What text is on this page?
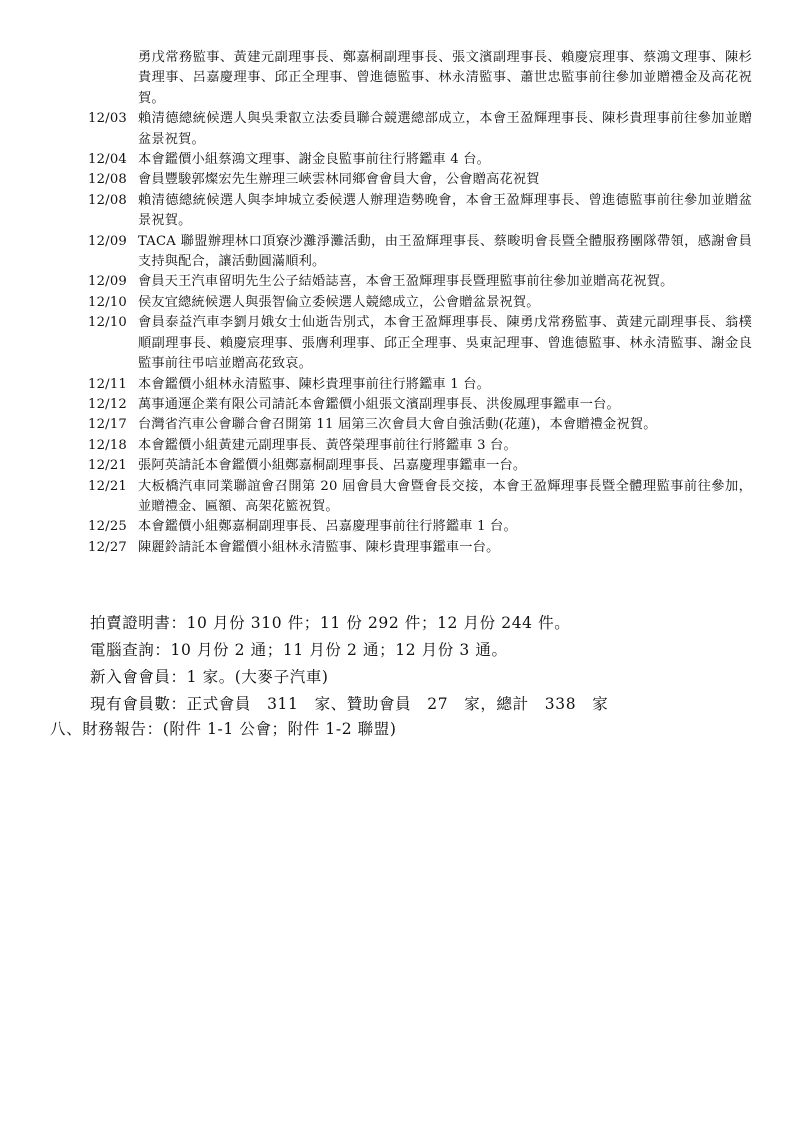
勇戊常務監事、黃建元副理事長、鄭嘉桐副理事長、張文濱副理事長、賴慶宸理事、蔡鴻文理事、陳杉貴理事、呂嘉慶理事、邱正全理事、曾進德監事、林永清監事、蕭世忠監事前往參加並贈禮金及高花祝賀。
12/03 賴清德總統候選人與吳秉叡立法委員聯合競選總部成立，本會王盈輝理事長、陳杉貴理事前往參加並贈盆景祝賀。
12/04 本會鑑價小組蔡鴻文理事、謝金良監事前往行將鑑車 4 台。
12/08 會員豐駿郭燦宏先生辦理三峽雲林同鄉會會員大會，公會贈高花祝賀
12/08 賴清德總統候選人與李坤城立委候選人辦理造勢晚會，本會王盈輝理事長、曾進德監事前往參加並贈盆景祝賀。
12/09 TACA 聯盟辦理林口頂寮沙灘淨灘活動，由王盈輝理事長、蔡畯明會長暨全體服務團隊帶領，感謝會員支持與配合，讓活動圓滿順利。
12/09 會員天王汽車留明先生公子結婚誌喜，本會王盈輝理事長暨理監事前往參加並贈高花祝賀。
12/10 侯友宜總統候選人與張智倫立委候選人競總成立，公會贈盆景祝賀。
12/10 會員泰益汽車李劉月娥女士仙逝告別式，本會王盈輝理事長、陳勇戊常務監事、黃建元副理事長、翁樸順副理事長、賴慶宸理事、張膺利理事、邱正全理事、吳東記理事、曾進德監事、林永清監事、謝金良監事前往弔唁並贈高花致哀。
12/11 本會鑑價小組林永清監事、陳杉貴理事前往行將鑑車 1 台。
12/12 萬事通運企業有限公司請託本會鑑價小組張文濱副理事長、洪俊鳳理事鑑車一台。
12/17 台灣省汽車公會聯合會召開第 11 屆第三次會員大會自強活動(花蓮)，本會贈禮金祝賀。
12/18 本會鑑價小組黃建元副理事長、黃啓榮理事前往行將鑑車 3 台。
12/21 張阿英請託本會鑑價小組鄭嘉桐副理事長、呂嘉慶理事鑑車一台。
12/21 大板橋汽車同業聯誼會召開第 20 屆會員大會暨會長交接，本會王盈輝理事長暨全體理監事前往參加，並贈禮金、匾額、高架花籃祝賀。
12/25 本會鑑價小組鄭嘉桐副理事長、呂嘉慶理事前往行將鑑車 1 台。
12/27 陳麗鈴請託本會鑑價小組林永清監事、陳杉貴理事鑑車一台。
拍賣證明書：10 月份 310 件；11 份 292 件；12 月份 244 件。
電腦查詢：10 月份 2 通；11 月份 2 通；12 月份 3 通。
新入會會員：1 家。(大麥子汽車)
現有會員數：正式會員　311　家、贊助會員　27　家，總計　338　家
八、財務報告：(附件 1-1 公會；附件 1-2 聯盟)
